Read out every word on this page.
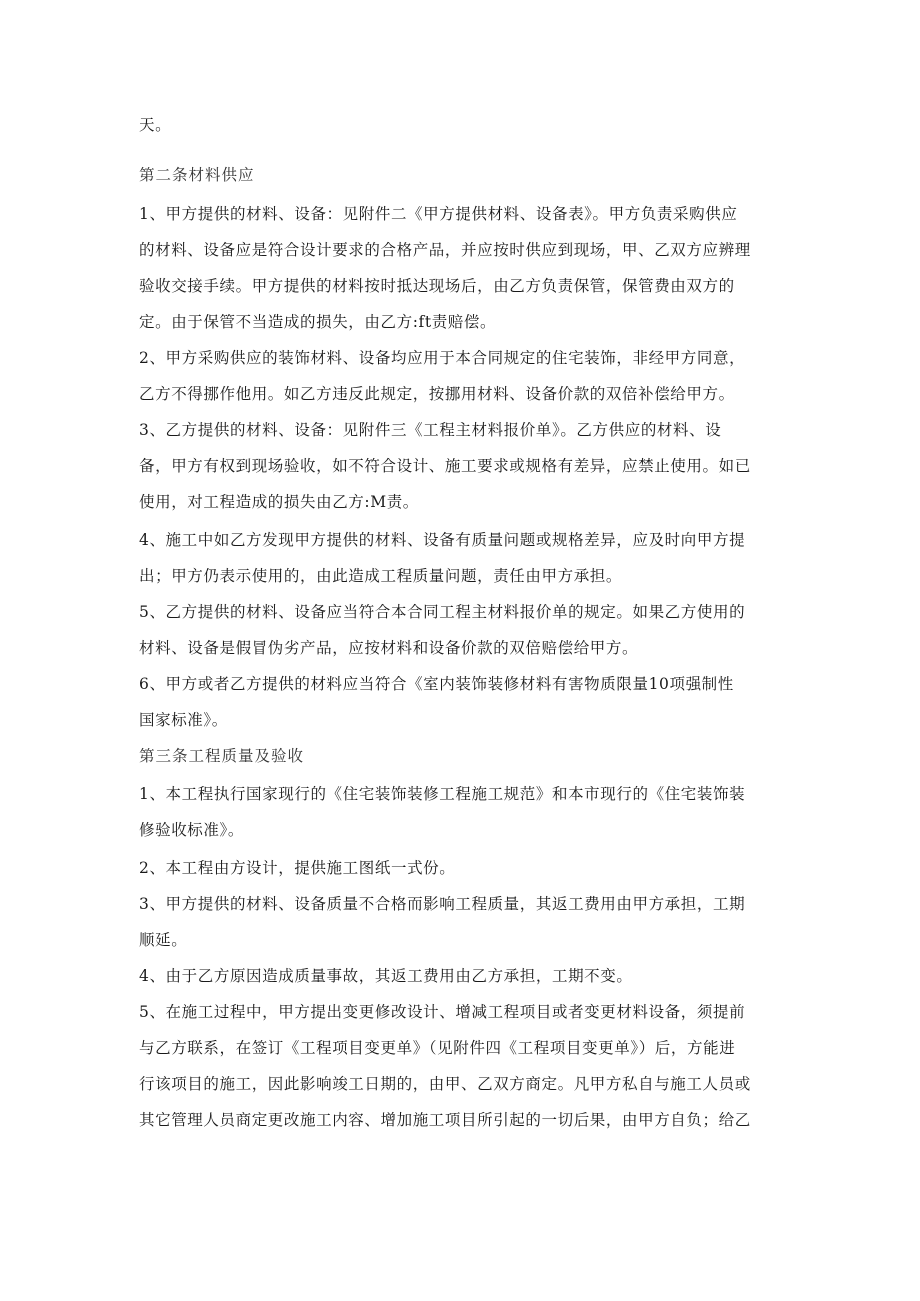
天。
第二条材料供应
1、甲方提供的材料、设备：见附件二《甲方提供材料、设备表》。甲方负责采购供应
的材料、设备应是符合设计要求的合格产品，并应按时供应到现场，甲、乙双方应辨理
验收交接手续。甲方提供的材料按时抵达现场后，由乙方负责保管，保管费由双方的
定。由于保管不当造成的损失，由乙方:ft责赔偿。
2、甲方采购供应的装饰材料、设备均应用于本合同规定的住宅装饰，非经甲方同意，
乙方不得挪作他用。如乙方违反此规定，按挪用材料、设备价款的双倍补偿给甲方。
3、乙方提供的材料、设备：见附件三《工程主材料报价单》。乙方供应的材料、设
备，甲方有权到现场验收，如不符合设计、施工要求或规格有差异，应禁止使用。如已
使用，对工程造成的损失由乙方:M责。
4、施工中如乙方发现甲方提供的材料、设备有质量问题或规格差异，应及时向甲方提
出；甲方仍表示使用的，由此造成工程质量问题，责任由甲方承担。
5、乙方提供的材料、设备应当符合本合同工程主材料报价单的规定。如果乙方使用的
材料、设备是假冒伪劣产品，应按材料和设备价款的双倍赔偿给甲方。
6、甲方或者乙方提供的材料应当符合《室内装饰装修材料有害物质限量10项强制性
国家标准》。
第三条工程质量及验收
1、本工程执行国家现行的《住宅装饰装修工程施工规范》和本市现行的《住宅装饰装
修验收标准》。
2、本工程由方设计，提供施工图纸一式份。
3、甲方提供的材料、设备质量不合格而影响工程质量，其返工费用由甲方承担，工期
顺延。
4、由于乙方原因造成质量事故，其返工费用由乙方承担，工期不变。
5、在施工过程中，甲方提出变更修改设计、增减工程项目或者变更材料设备，须提前
与乙方联系，在签订《工程项目变更单》（见附件四《工程项目变更单》）后，方能进
行该项目的施工，因此影响竣工日期的，由甲、乙双方商定。凡甲方私自与施工人员或
其它管理人员商定更改施工内容、增加施工项目所引起的一切后果，由甲方自负；给乙
